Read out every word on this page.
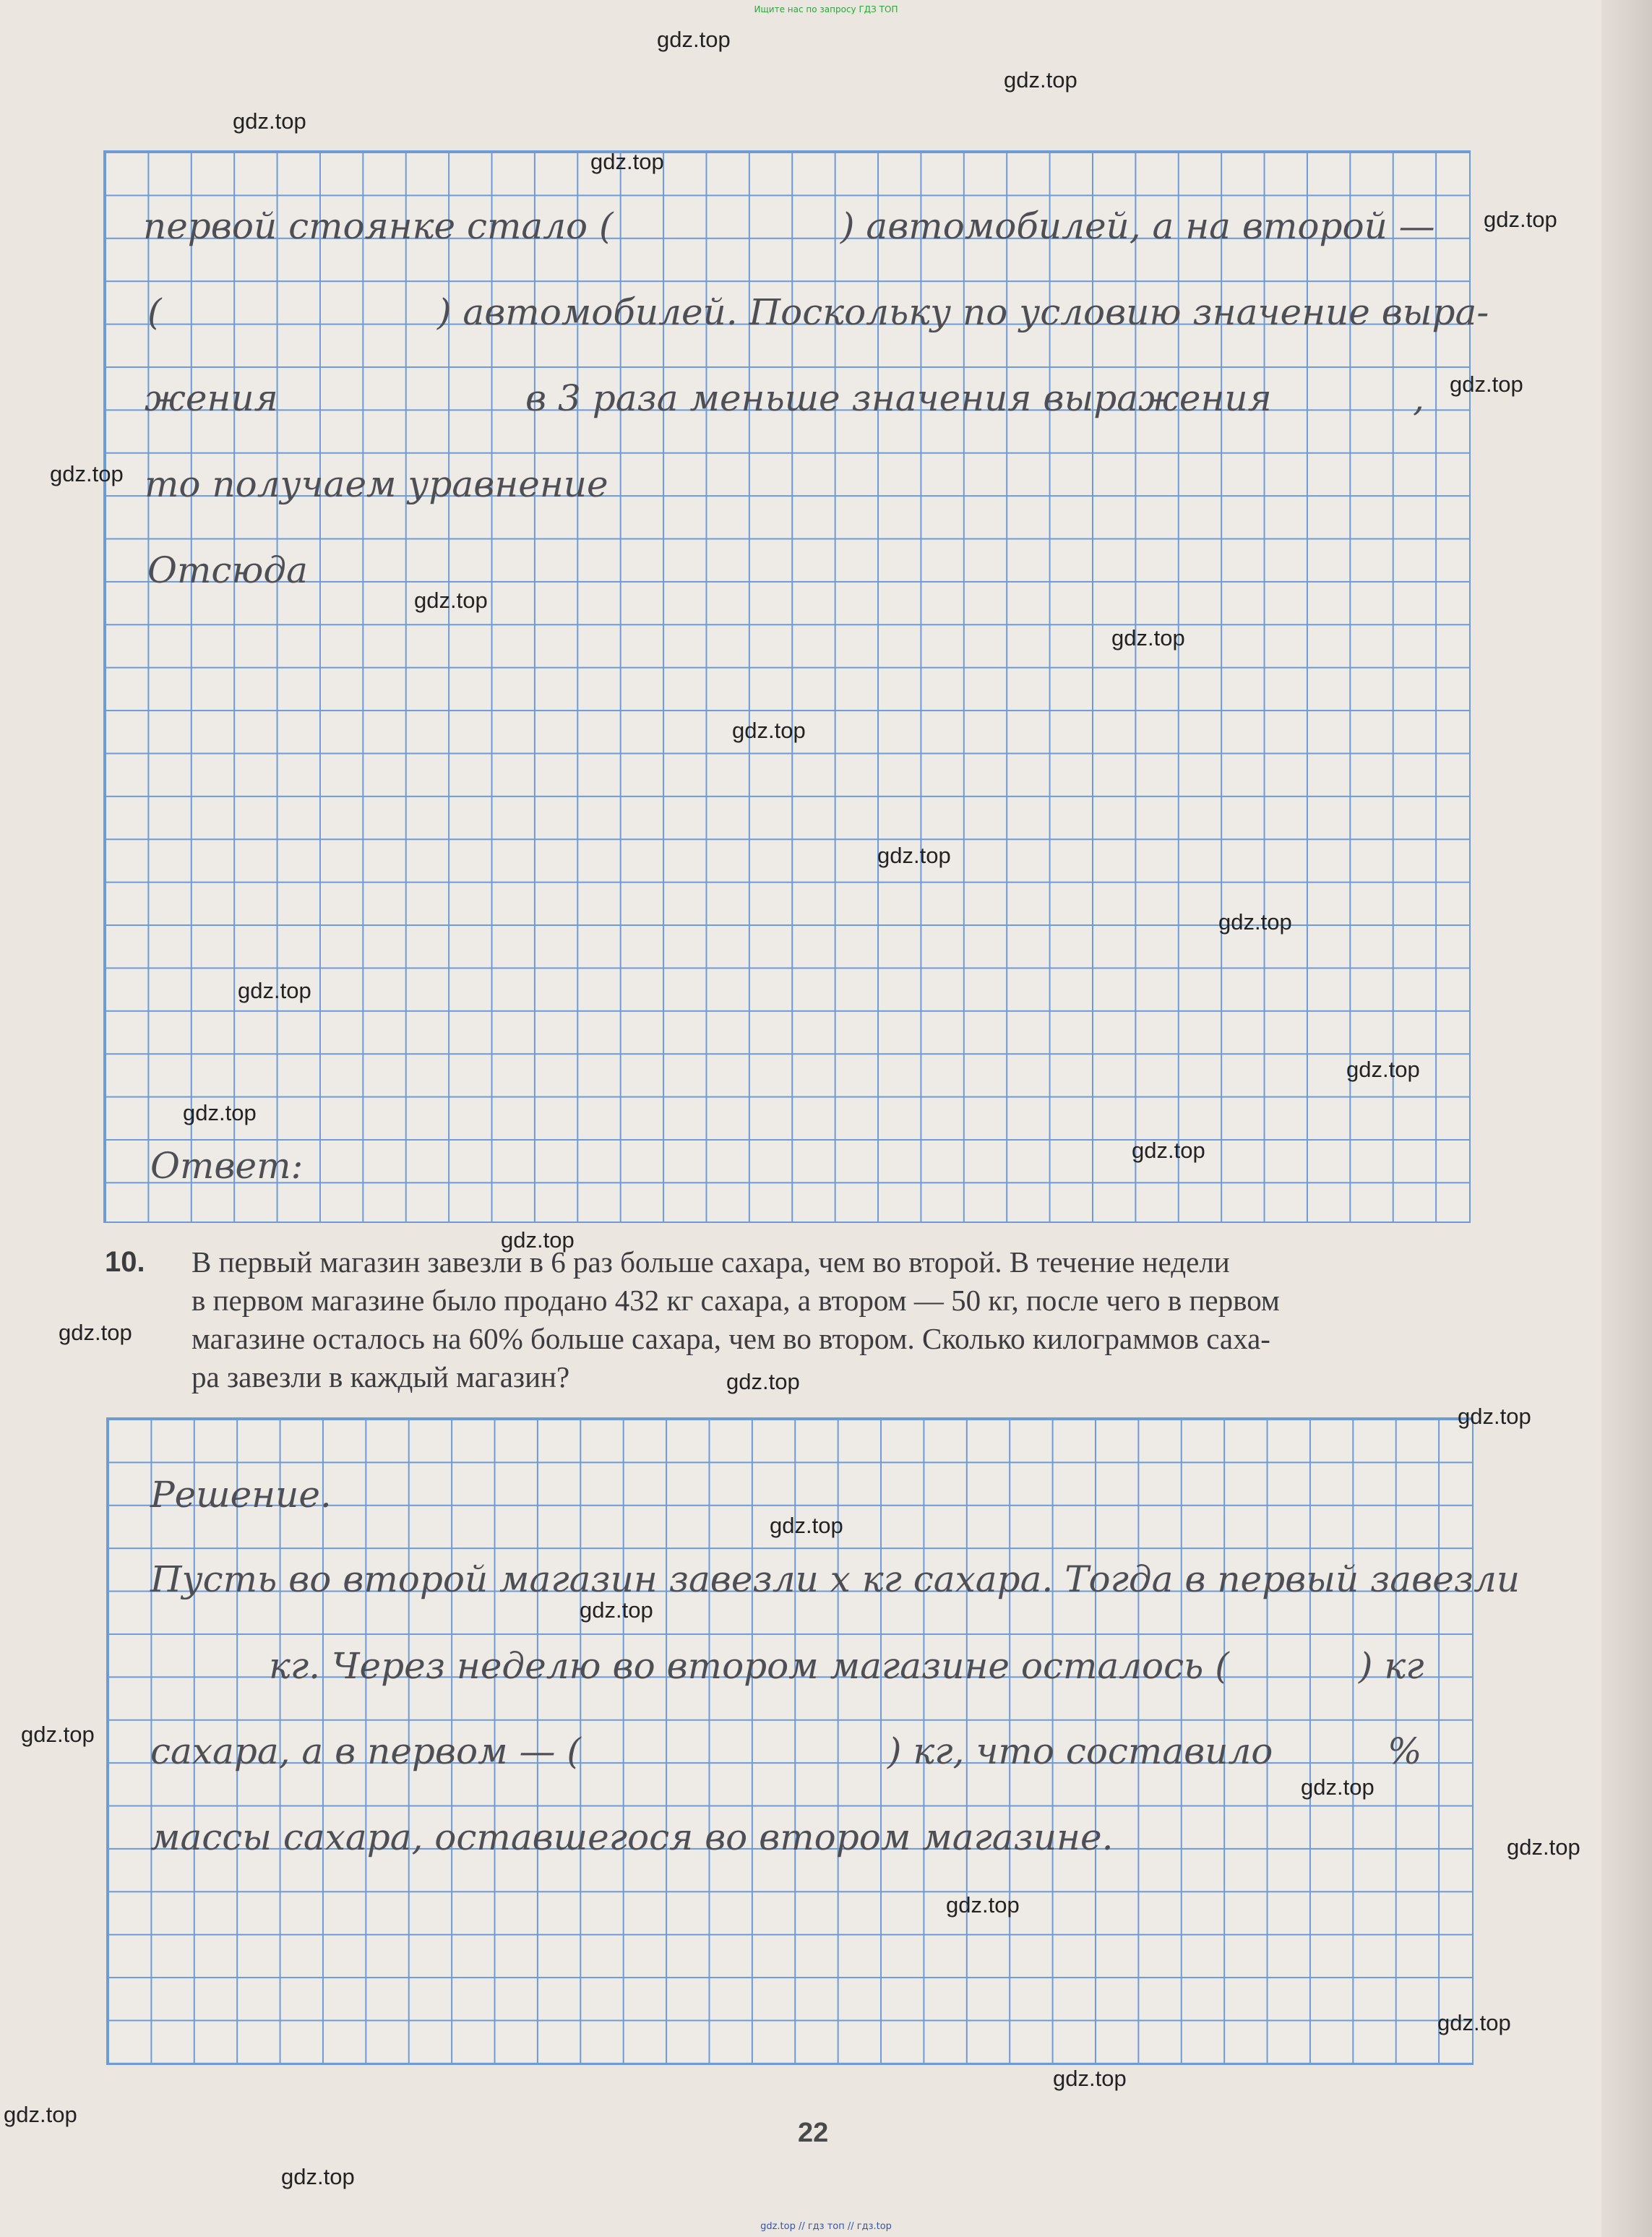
Ищите нас по запросу ГДЗ ТОП
первой стоянке стало (	) автомобилей, а на второй —
(	) автомобилей. Поскольку по условию значение выра-
жения	в 3 раза меньше значения выражения	,
то получаем уравнение
Отсюда
Ответ:
10. В первый магазин завезли в 6 раз больше сахара, чем во второй. В течение недели
в первом магазине было продано 432 кг сахара, а втором — 50 кг, после чего в первом
магазине осталось на 60% больше сахара, чем во втором. Сколько килограммов саха-
ра завезли в каждый магазин?
Решение.
Пусть во второй магазин завезли x кг сахара. Тогда в первый завезли
кг. Через неделю во втором магазине осталось (	) кг
сахара, а в первом — (	) кг, что составило	%
массы сахара, оставшегося во втором магазине.
22
gdz.top
gdz.top
gdz.top
gdz.top
gdz.top
gdz.top
gdz.top
gdz.top
gdz.top
gdz.top
gdz.top
gdz.top
gdz.top
gdz.top
gdz.top
gdz.top
gdz.top
gdz.top
gdz.top
gdz.top
gdz.top
gdz.top
gdz.top
gdz.top
gdz.top
gdz.top
gdz.top
gdz.top
gdz.top
gdz.top
gdz.top // гдз топ // гдз.top
